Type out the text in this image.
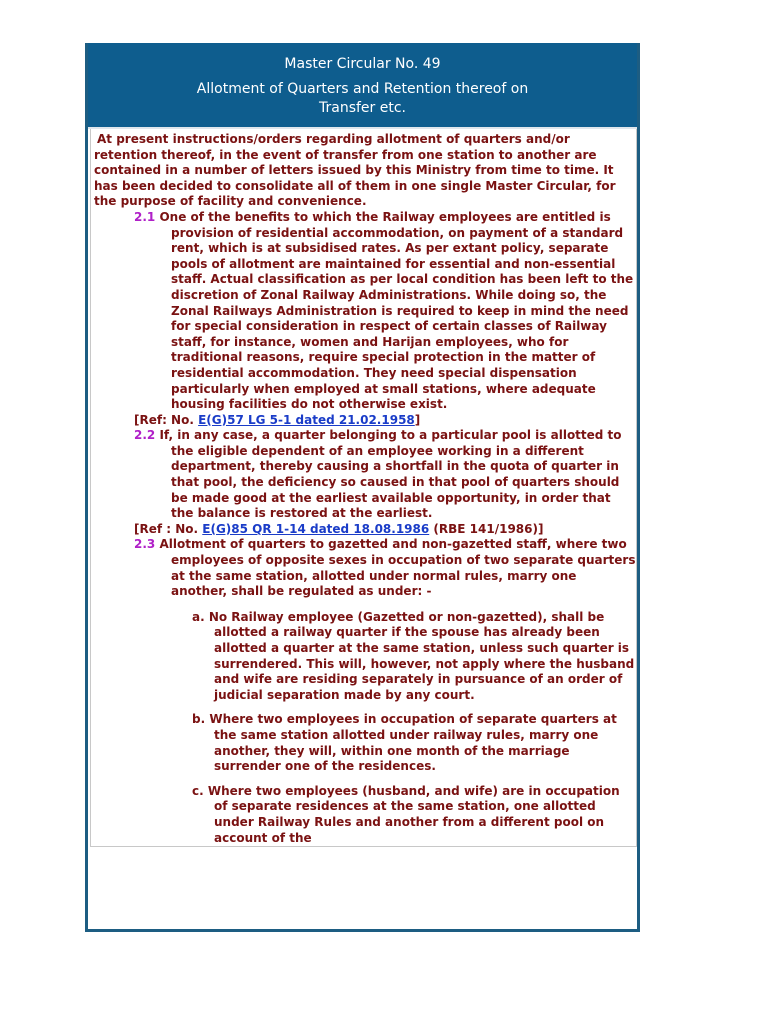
Master Circular No. 49
Allotment of Quarters and Retention thereof on
Transfer etc.
At present instructions/orders regarding allotment of quarters and/or retention thereof, in the event of transfer from one station to another are contained in a number of letters issued by this Ministry from time to time. It has been decided to consolidate all of them in one single Master Circular, for the purpose of facility and convenience.
2.1 One of the benefits to which the Railway employees are entitled is provision of residential accommodation, on payment of a standard rent, which is at subsidised rates. As per extant policy, separate pools of allotment are maintained for essential and non-essential staff. Actual classification as per local condition has been left to the discretion of Zonal Railway Administrations. While doing so, the Zonal Railways Administration is required to keep in mind the need for special consideration in respect of certain classes of Railway staff, for instance, women and Harijan employees, who for traditional reasons, require special protection in the matter of residential accommodation. They need special dispensation particularly when employed at small stations, where adequate housing facilities do not otherwise exist.
[Ref: No. E(G)57 LG 5-1 dated 21.02.1958]
2.2 If, in any case, a quarter belonging to a particular pool is allotted to the eligible dependent of an employee working in a different department, thereby causing a shortfall in the quota of quarter in that pool, the deficiency so caused in that pool of quarters should be made good at the earliest available opportunity, in order that the balance is restored at the earliest.
[Ref : No. E(G)85 QR 1-14 dated 18.08.1986 (RBE 141/1986)]
2.3 Allotment of quarters to gazetted and non-gazetted staff, where two employees of opposite sexes in occupation of two separate quarters at the same station, allotted under normal rules, marry one another, shall be regulated as under: -
a. No Railway employee (Gazetted or non-gazetted), shall be allotted a railway quarter if the spouse has already been allotted a quarter at the same station, unless such quarter is surrendered. This will, however, not apply where the husband and wife are residing separately in pursuance of an order of judicial separation made by any court.
b. Where two employees in occupation of separate quarters at the same station allotted under railway rules, marry one another, they will, within one month of the marriage surrender one of the residences.
c. Where two employees (husband, and wife) are in occupation of separate residences at the same station, one allotted under Railway Rules and another from a different pool on account of the
